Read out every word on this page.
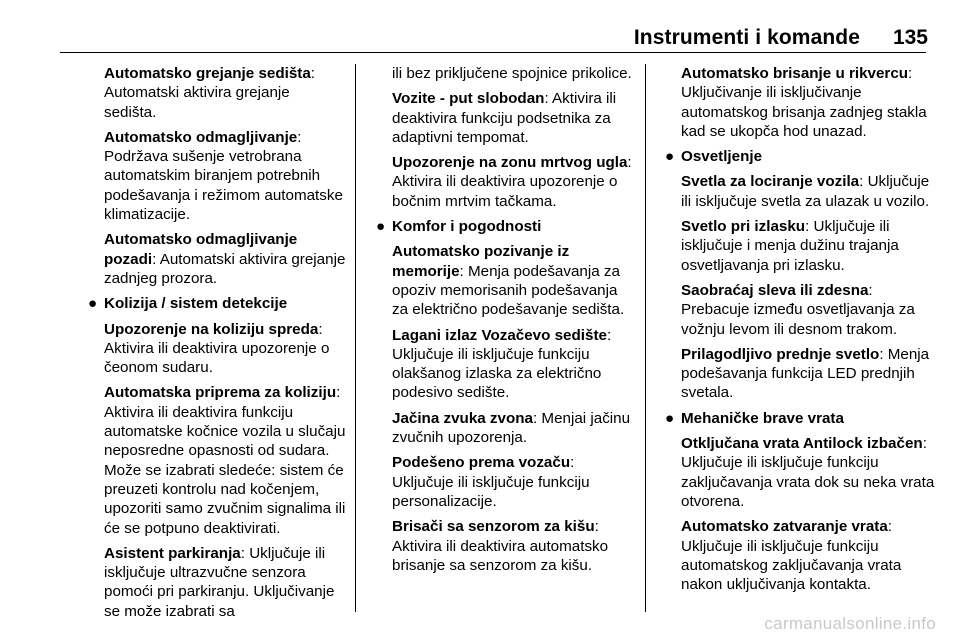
Instrumenti i komande	135
Automatsko grejanje sedišta: Automatski aktivira grejanje sedišta.
Automatsko odmagljivanje: Podržava sušenje vetrobrana automatskim biranjem potrebnih podešavanja i režimom automatske klimatizacije.
Automatsko odmagljivanje pozadi: Automatski aktivira grejanje zadnjeg prozora.
● Kolizija / sistem detekcije
Upozorenje na koliziju spreda: Aktivira ili deaktivira upozorenje o čeonom sudaru.
Automatska priprema za koliziju: Aktivira ili deaktivira funkciju automatske kočnice vozila u slučaju neposredne opasnosti od sudara. Može se izabrati sledeće: sistem će preuzeti kontrolu nad kočenjem, upozoriti samo zvučnim signalima ili će se potpuno deaktivirati.
Asistent parkiranja: Uključuje ili isključuje ultrazvučne senzora pomoći pri parkiranju. Uključivanje se može izabrati sa
ili bez priključene spojnice prikolice.
Vozite - put slobodan: Aktivira ili deaktivira funkciju podsetnika za adaptivni tempomat.
Upozorenje na zonu mrtvog ugla: Aktivira ili deaktivira upozorenje o bočnim mrtvim tačkama.
● Komfor i pogodnosti
Automatsko pozivanje iz memorije: Menja podešavanja za opoziv memorisanih podešavanja za električno podešavanje sedišta.
Lagani izlaz Vozačevo sedište: Uključuje ili isključuje funkciju olakšanog izlaska za električno podesivo sedište.
Jačina zvuka zvona: Menjai jačinu zvučnih upozorenja.
Podešeno prema vozaču: Uključuje ili isključuje funkciju personalizacije.
Brisači sa senzorom za kišu: Aktivira ili deaktivira automatsko brisanje sa senzorom za kišu.
Automatsko brisanje u rikvercu: Uključivanje ili isključivanje automatskog brisanja zadnjeg stakla kad se ukopča hod unazad.
● Osvetljenje
Svetla za lociranje vozila: Uključuje ili isključuje svetla za ulazak u vozilo.
Svetlo pri izlasku: Uključuje ili isključuje i menja dužinu trajanja osvetljavanja pri izlasku.
Saobraćaj sleva ili zdesna: Prebacuje između osvetljavanja za vožnju levom ili desnom trakom.
Prilagodljivo prednje svetlo: Menja podešavanja funkcija LED prednjih svetala.
● Mehaničke brave vrata
Otključana vrata Antilock izbačen: Uključuje ili isključuje funkciju zaključavanja vrata dok su neka vrata otvorena.
Automatsko zatvaranje vrata: Uključuje ili isključuje funkciju automatskog zaključavanja vrata nakon uključivanja kontakta.
carmanualsonline.info
